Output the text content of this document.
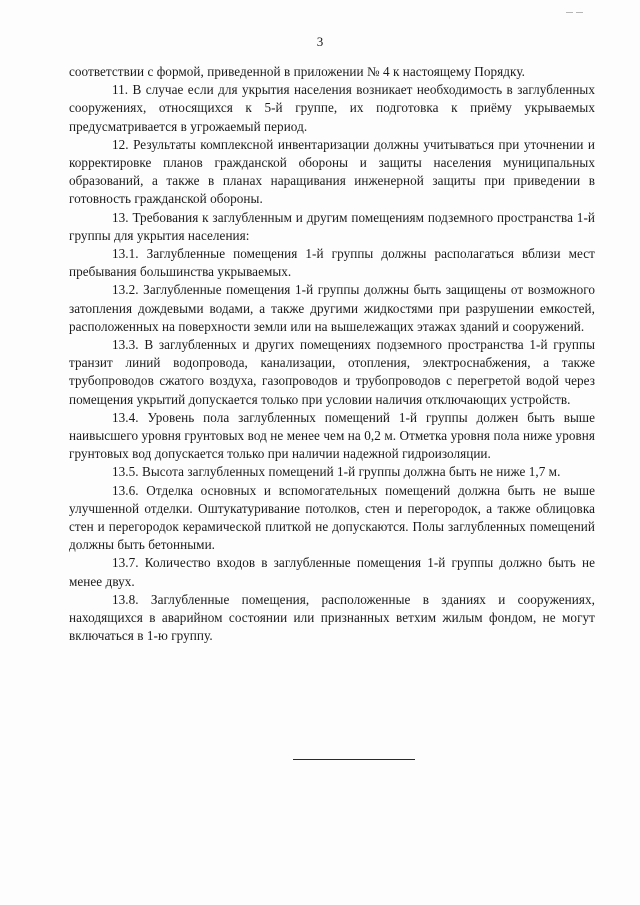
3

соответствии с формой, приведенной в приложении № 4 к настоящему Порядку.

11. В случае если для укрытия населения возникает необходимость в заглубленных сооружениях, относящихся к 5-й группе, их подготовка к приёму укрываемых предусматривается в угрожаемый период.

12. Результаты комплексной инвентаризации должны учитываться при уточнении и корректировке планов гражданской обороны и защиты населения муниципальных образований, а также в планах наращивания инженерной защиты при приведении в готовность гражданской обороны.

13. Требования к заглубленным и другим помещениям подземного пространства 1-й группы для укрытия населения:

13.1. Заглубленные помещения 1-й группы должны располагаться вблизи мест пребывания большинства укрываемых.

13.2. Заглубленные помещения 1-й группы должны быть защищены от возможного затопления дождевыми водами, а также другими жидкостями при разрушении емкостей, расположенных на поверхности земли или на вышележащих этажах зданий и сооружений.

13.3. В заглубленных и других помещениях подземного пространства 1-й группы транзит линий водопровода, канализации, отопления, электроснабжения, а также трубопроводов сжатого воздуха, газопроводов и трубопроводов с перегретой водой через помещения укрытий допускается только при условии наличия отключающих устройств.

13.4. Уровень пола заглубленных помещений 1-й группы должен быть выше наивысшего уровня грунтовых вод не менее чем на 0,2 м. Отметка уровня пола ниже уровня грунтовых вод допускается только при наличии надежной гидроизоляции.

13.5. Высота заглубленных помещений 1-й группы должна быть не ниже 1,7 м.

13.6. Отделка основных и вспомогательных помещений должна быть не выше улучшенной отделки. Оштукатуривание потолков, стен и перегородок, а также облицовка стен и перегородок керамической плиткой не допускаются. Полы заглубленных помещений должны быть бетонными.

13.7. Количество входов в заглубленные помещения 1-й группы должно быть не менее двух.

13.8. Заглубленные помещения, расположенные в зданиях и сооружениях, находящихся в аварийном состоянии или признанных ветхим жилым фондом, не могут включаться в 1-ю группу.
